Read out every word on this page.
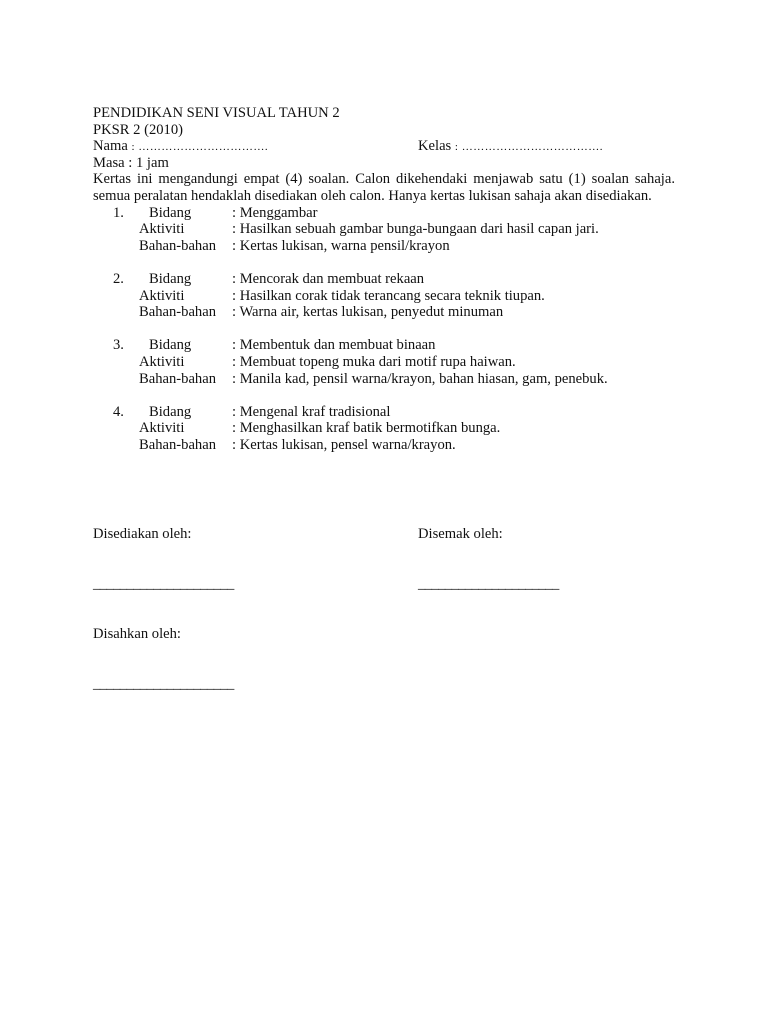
PENDIDIKAN SENI VISUAL TAHUN 2
PKSR 2 (2010)
Nama : …………………………….	Kelas : ……………………………….
Masa : 1 jam

Kertas ini mengandungi empat (4) soalan. Calon dikehendaki menjawab satu (1) soalan sahaja. semua peralatan hendaklah disediakan oleh calon. Hanya kertas lukisan sahaja akan disediakan.

1.	Bidang	: Menggambar
Aktiviti	: Hasilkan sebuah gambar bunga-bungaan dari hasil capan jari.
Bahan-bahan	: Kertas lukisan, warna pensil/krayon
2.	Bidang	: Mencorak dan membuat rekaan
Aktiviti	: Hasilkan corak tidak terancang secara teknik tiupan.
Bahan-bahan	: Warna air, kertas lukisan, penyedut minuman
3.	Bidang	: Membentuk dan membuat binaan
Aktiviti	: Membuat topeng muka dari motif rupa haiwan.
Bahan-bahan	: Manila kad, pensil warna/krayon, bahan hiasan, gam, penebuk.
4.	Bidang	: Mengenal kraf tradisional
Aktiviti	: Menghasilkan kraf batik bermotifkan bunga.
Bahan-bahan	: Kertas lukisan, pensel warna/krayon.
Disediakan oleh:
_____________________
Disemak oleh:
_____________________
Disahkan oleh:
_____________________
